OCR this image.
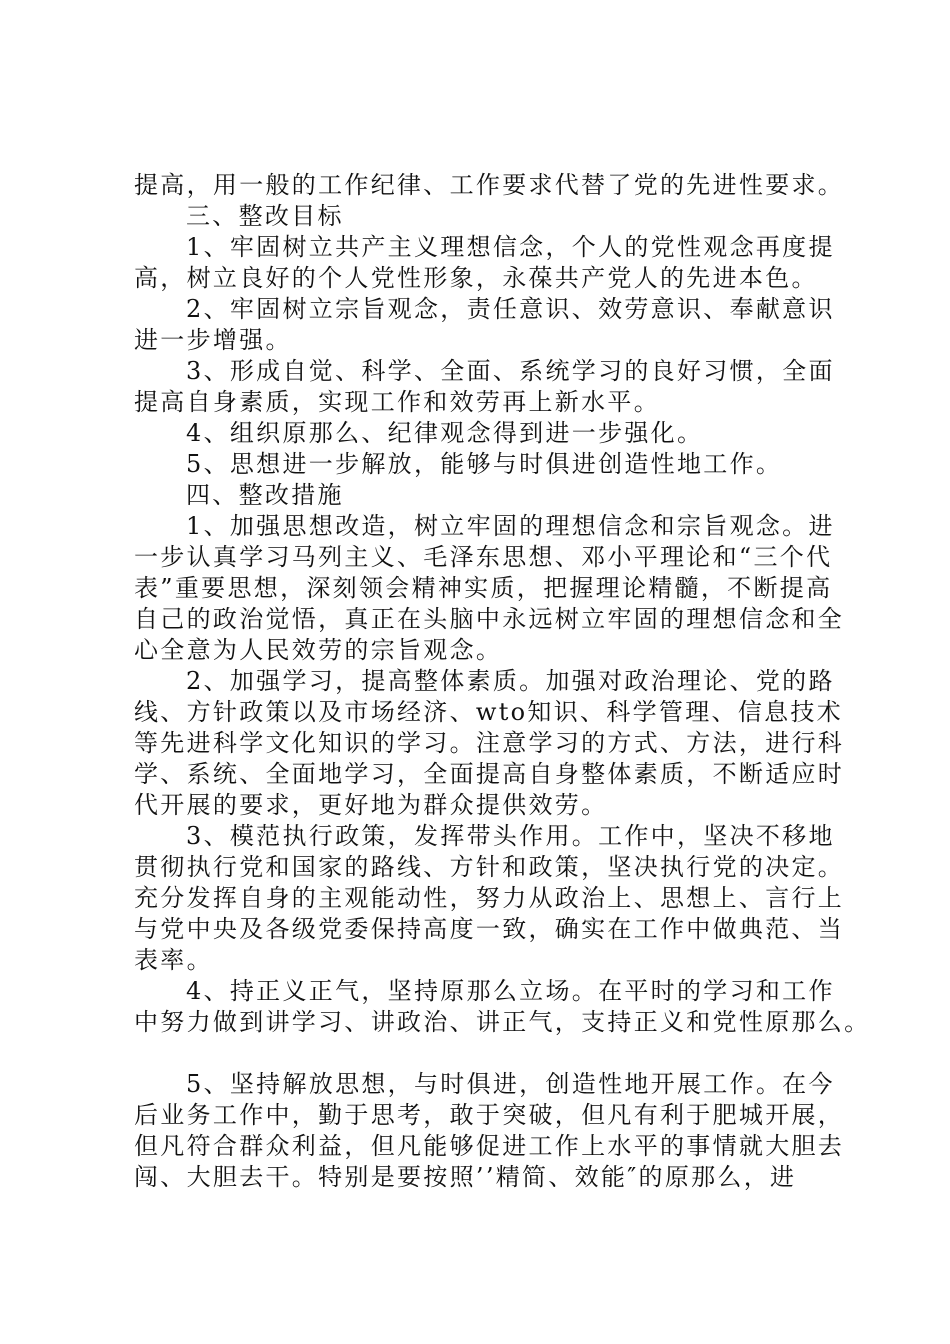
提高，用一般的工作纪律、工作要求代替了党的先进性要求。
三、整改目标
1、牢固树立共产主义理想信念，个人的党性观念再度提
高，树立良好的个人党性形象，永葆共产党人的先进本色。
2、牢固树立宗旨观念，责任意识、效劳意识、奉献意识
进一步增强。
3、形成自觉、科学、全面、系统学习的良好习惯，全面
提高自身素质，实现工作和效劳再上新水平。
4、组织原那么、纪律观念得到进一步强化。
5、思想进一步解放，能够与时俱进创造性地工作。
四、整改措施
1、加强思想改造，树立牢固的理想信念和宗旨观念。进
一步认真学习马列主义、毛泽东思想、邓小平理论和“三个代
表”重要思想，深刻领会精神实质，把握理论精髓，不断提高
自己的政治觉悟，真正在头脑中永远树立牢固的理想信念和全
心全意为人民效劳的宗旨观念。
2、加强学习，提高整体素质。加强对政治理论、党的路
线、方针政策以及市场经济、wto知识、科学管理、信息技术
等先进科学文化知识的学习。注意学习的方式、方法，进行科
学、系统、全面地学习，全面提高自身整体素质，不断适应时
代开展的要求，更好地为群众提供效劳。
3、模范执行政策，发挥带头作用。工作中，坚决不移地
贯彻执行党和国家的路线、方针和政策，坚决执行党的决定。
充分发挥自身的主观能动性，努力从政治上、思想上、言行上
与党中央及各级党委保持高度一致，确实在工作中做典范、当
表率。
4、持正义正气，坚持原那么立场。在平时的学习和工作
中努力做到讲学习、讲政治、讲正气，支持正义和党性原那么。
5、坚持解放思想，与时俱进，创造性地开展工作。在今
后业务工作中，勤于思考，敢于突破，但凡有利于肥城开展，
但凡符合群众利益，但凡能够促进工作上水平的事情就大胆去
闯、大胆去干。特别是要按照’’精简、效能″的原那么，进
